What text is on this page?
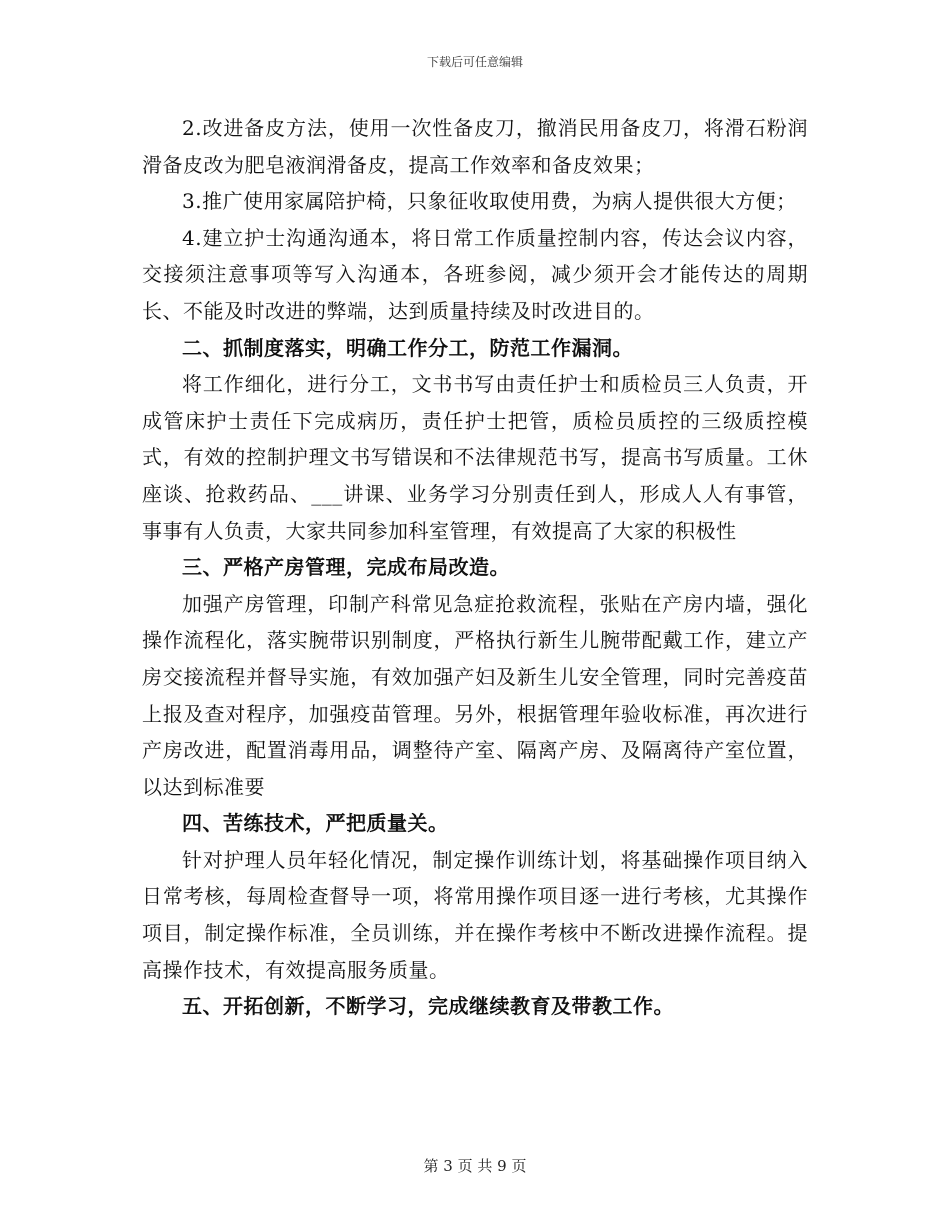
下载后可任意编辑

2.改进备皮方法，使用一次性备皮刀，撤消民用备皮刀，将滑石粉润滑备皮改为肥皂液润滑备皮，提高工作效率和备皮效果；

3.推广使用家属陪护椅，只象征收取使用费，为病人提供很大方便；

4.建立护士沟通沟通本，将日常工作质量控制内容，传达会议内容，交接须注意事项等写入沟通本，各班参阅，减少须开会才能传达的周期长、不能及时改进的弊端，达到质量持续及时改进目的。

二、抓制度落实，明确工作分工，防范工作漏洞。

将工作细化，进行分工，文书书写由责任护士和质检员三人负责，开成管床护士责任下完成病历，责任护士把管，质检员质控的三级质控模式，有效的控制护理文书写错误和不法律规范书写，提高书写质量。工休座谈、抢救药品、___讲课、业务学习分别责任到人，形成人人有事管，事事有人负责，大家共同参加科室管理，有效提高了大家的积极性

三、严格产房管理，完成布局改造。

加强产房管理，印制产科常见急症抢救流程，张贴在产房内墙，强化操作流程化，落实腕带识别制度，严格执行新生儿腕带配戴工作，建立产房交接流程并督导实施，有效加强产妇及新生儿安全管理，同时完善疫苗上报及查对程序，加强疫苗管理。另外，根据管理年验收标准，再次进行产房改进，配置消毒用品，调整待产室、隔离产房、及隔离待产室位置，以达到标准要

四、苦练技术，严把质量关。

针对护理人员年轻化情况，制定操作训练计划，将基础操作项目纳入日常考核，每周检查督导一项，将常用操作项目逐一进行考核，尤其操作项目，制定操作标准，全员训练，并在操作考核中不断改进操作流程。提高操作技术，有效提高服务质量。

五、开拓创新，不断学习，完成继续教育及带教工作。

第 3 页 共 9 页
